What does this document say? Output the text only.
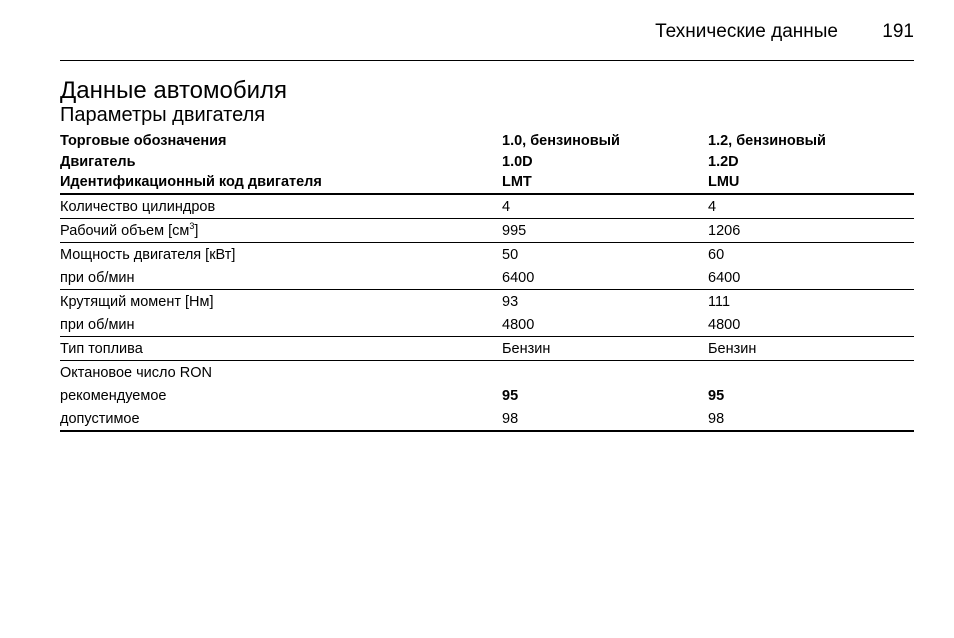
Технические данные 191
Данные автомобиля
Параметры двигателя
Торговые обозначения	1.0, бензиновый	1.2, бензиновый
Двигатель	1.0D	1.2D
Идентификационный код двигателя	LMT	LMU
Количество цилиндров	4	4
Рабочий объем $[см^3]$	995	1206
Мощность двигателя [кВт]	50	60
при об/мин	6400	6400
Крутящий момент [Нм]	93	111
при об/мин	4800	4800
Тип топлива	Бензин	Бензин
Октановое число RON		
рекомендуемое	95	95
допустимое	98	98
